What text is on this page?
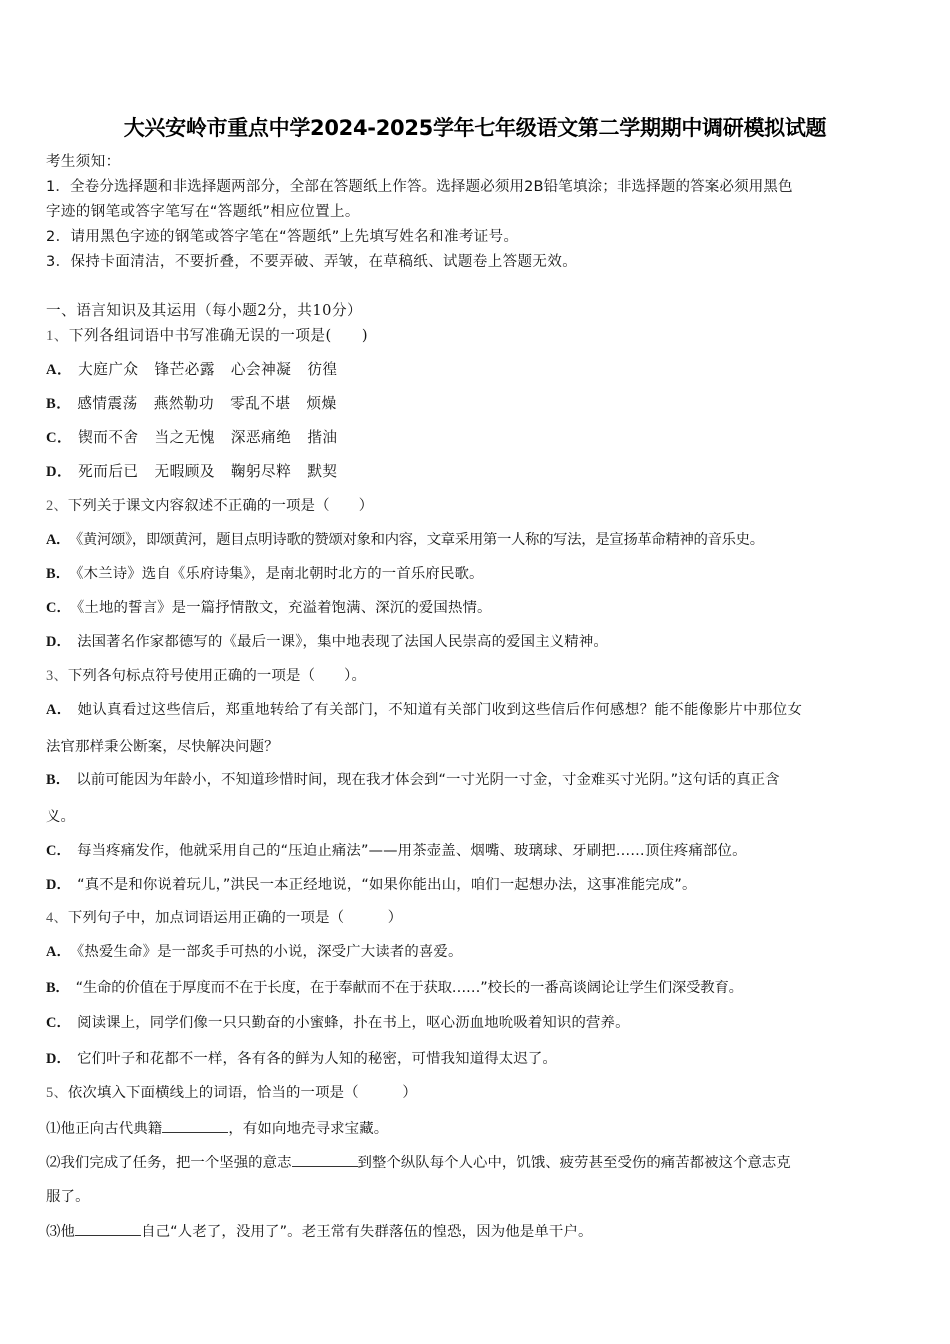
大兴安岭市重点中学2024-2025学年七年级语文第二学期期中调研模拟试题
考生须知：
1．全卷分选择题和非选择题两部分，全部在答题纸上作答。选择题必须用2B铅笔填涂；非选择题的答案必须用黑色
字迹的钢笔或答字笔写在“答题纸”相应位置上。
2．请用黑色字迹的钢笔或答字笔在“答题纸”上先填写姓名和准考证号。
3．保持卡面清洁，不要折叠，不要弄破、弄皱，在草稿纸、试题卷上答题无效。
一、语言知识及其运用（每小题2分，共10分）
1、下列各组词语中书写准确无误的一项是(　　)
A． 大庭广众 锋芒必露 心会神凝 彷徨
B． 感情震荡 燕然勒功 零乱不堪 烦燥
C． 锲而不舍 当之无愧 深恶痛绝 揩油
D． 死而后已 无暇顾及 鞠躬尽粹 默契
2、下列关于课文内容叙述不正确的一项是（　　）
A． 《黄河颂》，即颂黄河，题目点明诗歌的赞颂对象和内容，文章采用第一人称的写法，是宣扬革命精神的音乐史。
B． 《木兰诗》选自《乐府诗集》，是南北朝时北方的一首乐府民歌。
C． 《土地的誓言》是一篇抒情散文，充溢着饱满、深沉的爱国热情。
D． 法国著名作家都德写的《最后一课》，集中地表现了法国人民崇高的爱国主义精神。
3、下列各句标点符号使用正确的一项是（　　）。
A． 她认真看过这些信后，郑重地转给了有关部门，不知道有关部门收到这些信后作何感想？能不能像影片中那位女
法官那样秉公断案，尽快解决问题？
B． 以前可能因为年龄小，不知道珍惜时间，现在我才体会到“一寸光阴一寸金，寸金难买寸光阴。”这句话的真正含
义。
C． 每当疼痛发作，他就采用自己的“压迫止痛法”——用茶壶盖、烟嘴、玻璃球、牙刷把……顶住疼痛部位。
D． “真不是和你说着玩儿，”洪民一本正经地说，“如果你能出山，咱们一起想办法，这事准能完成”。
4、下列句子中，加点词语运用正确的一项是（　　　）
A． 《热爱生命》是一部炙手可热的小说，深受广大读者的喜爱。
B． “生命的价值在于厚度而不在于长度，在于奉献而不在于获取……”校长的一番高谈阔论让学生们深受教育。
C． 阅读课上，同学们像一只只勤奋的小蜜蜂，扑在书上，呕心沥血地吮吸着知识的营养。
D． 它们叶子和花都不一样，各有各的鲜为人知的秘密，可惜我知道得太迟了。
5、依次填入下面横线上的词语，恰当的一项是（　　　）
⑴他正向古代典籍	，有如向地壳寻求宝藏。
⑵我们完成了任务，把一个坚强的意志	到整个纵队每个人心中，饥饿、疲劳甚至受伤的痛苦都被这个意志克
服了。
⑶他	自己“人老了，没用了”。老王常有失群落伍的惶恐，因为他是单干户。
